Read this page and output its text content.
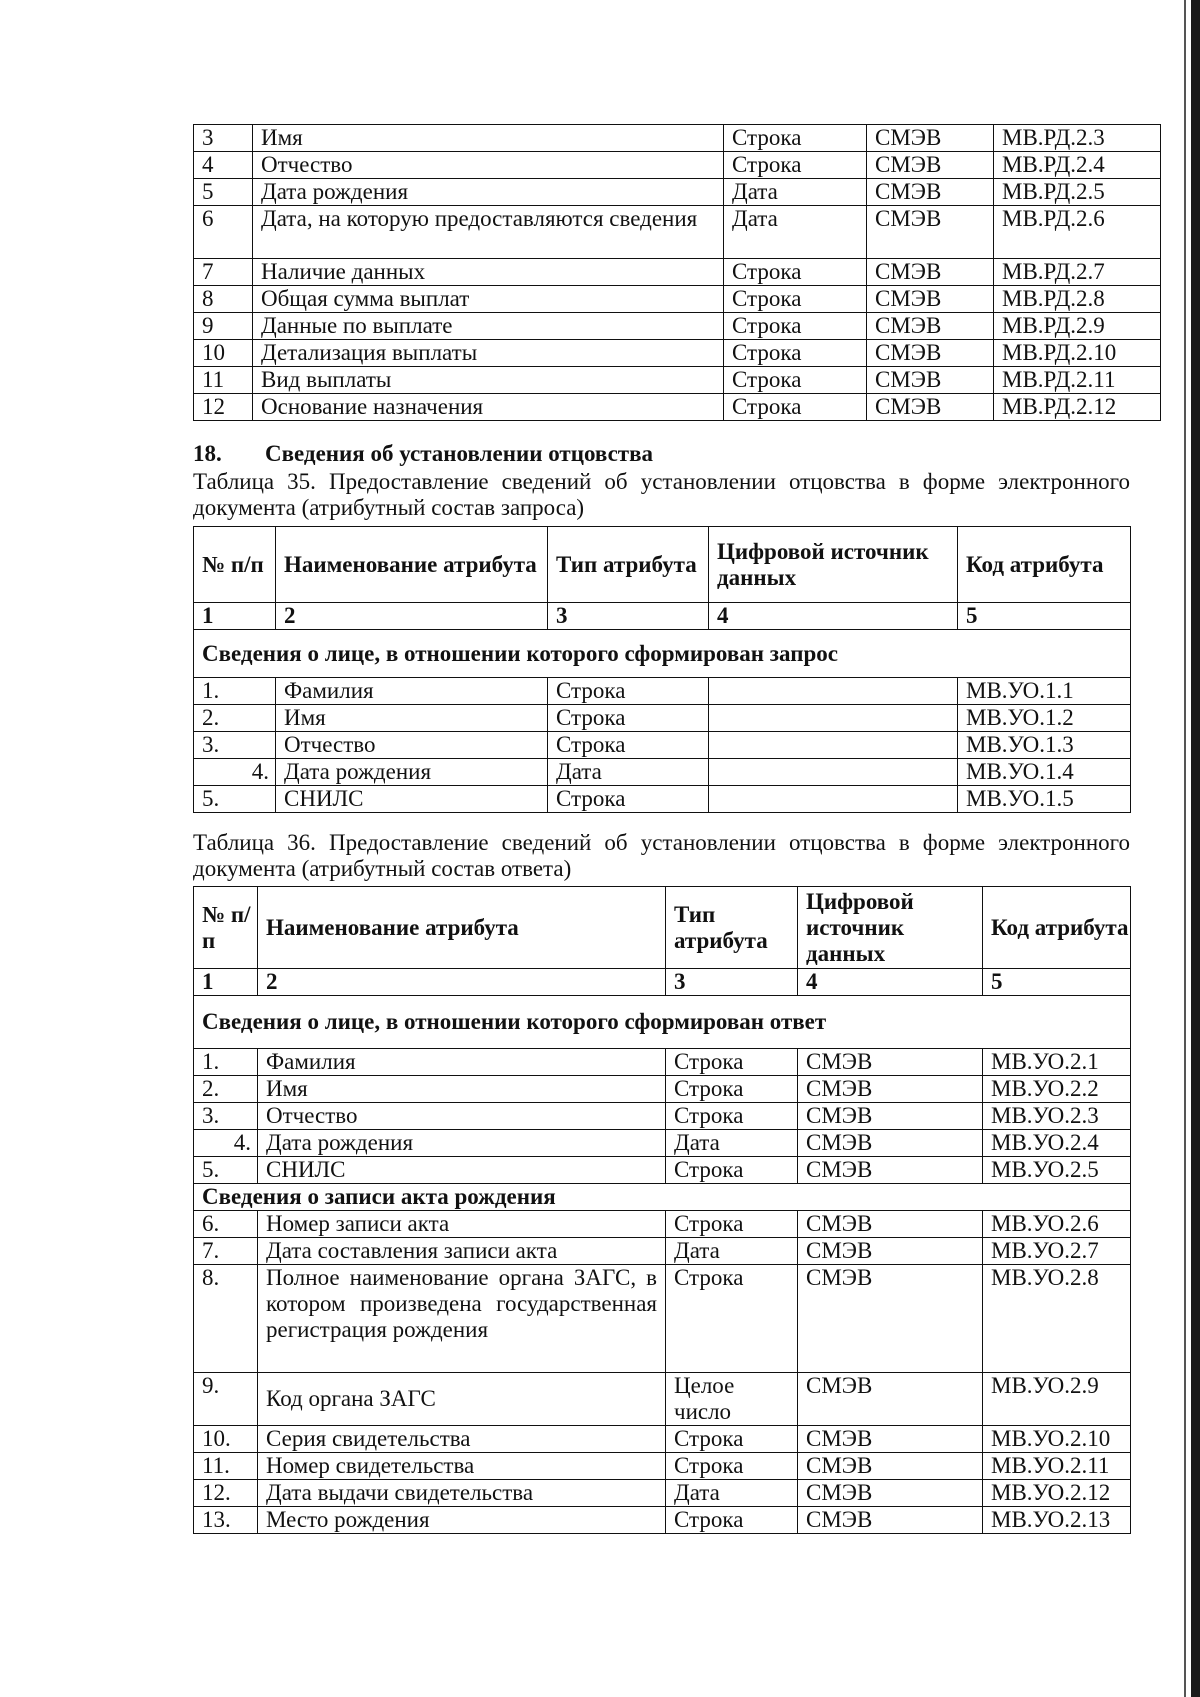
3	Имя	Строка	СМЭВ	МВ.РД.2.3
4	Отчество	Строка	СМЭВ	МВ.РД.2.4
5	Дата рождения	Дата	СМЭВ	МВ.РД.2.5
6	Дата, на которую предоставляются сведения	Дата	СМЭВ	МВ.РД.2.6
7	Наличие данных	Строка	СМЭВ	МВ.РД.2.7
8	Общая сумма выплат	Строка	СМЭВ	МВ.РД.2.8
9	Данные по выплате	Строка	СМЭВ	МВ.РД.2.9
10	Детализация выплаты	Строка	СМЭВ	МВ.РД.2.10
11	Вид выплаты	Строка	СМЭВ	МВ.РД.2.11
12	Основание назначения	Строка	СМЭВ	МВ.РД.2.12
18. Сведения об установлении отцовства
Таблица 35. Предоставление сведений об установлении отцовства в форме электронного документа (атрибутный состав запроса)
№ п/п	Наименование атрибута	Тип атрибута	Цифровой источник данных	Код атрибута
1	2	3	4	5
Сведения о лице, в отношении которого сформирован запрос				
1.	Фамилия	Строка		МВ.УО.1.1
2.	Имя	Строка		МВ.УО.1.2
3.	Отчество	Строка		МВ.УО.1.3
4.	Дата рождения	Дата		МВ.УО.1.4
5.	СНИЛС	Строка		МВ.УО.1.5
Таблица 36. Предоставление сведений об установлении отцовства в форме электронного документа (атрибутный состав ответа)
№ п/п	Наименование атрибута	Тип атрибута	Цифровой источник данных	Код атрибута
1	2	3	4	5
Сведения о лице, в отношении которого сформирован ответ				
1.	Фамилия	Строка	СМЭВ	МВ.УО.2.1
2.	Имя	Строка	СМЭВ	МВ.УО.2.2
3.	Отчество	Строка	СМЭВ	МВ.УО.2.3
4.	Дата рождения	Дата	СМЭВ	МВ.УО.2.4
5.	СНИЛС	Строка	СМЭВ	МВ.УО.2.5
Сведения о записи акта рождения				
6.	Номер записи акта	Строка	СМЭВ	МВ.УО.2.6
7.	Дата составления записи акта	Дата	СМЭВ	МВ.УО.2.7
8.	Полное наименование органа ЗАГС, в котором произведена государственная регистрация рождения	Строка	СМЭВ	МВ.УО.2.8
9.	Код органа ЗАГС	Целое число	СМЭВ	МВ.УО.2.9
10.	Серия свидетельства	Строка	СМЭВ	МВ.УО.2.10
11.	Номер свидетельства	Строка	СМЭВ	МВ.УО.2.11
12.	Дата выдачи свидетельства	Дата	СМЭВ	МВ.УО.2.12
13.	Место рождения	Строка	СМЭВ	МВ.УО.2.13
